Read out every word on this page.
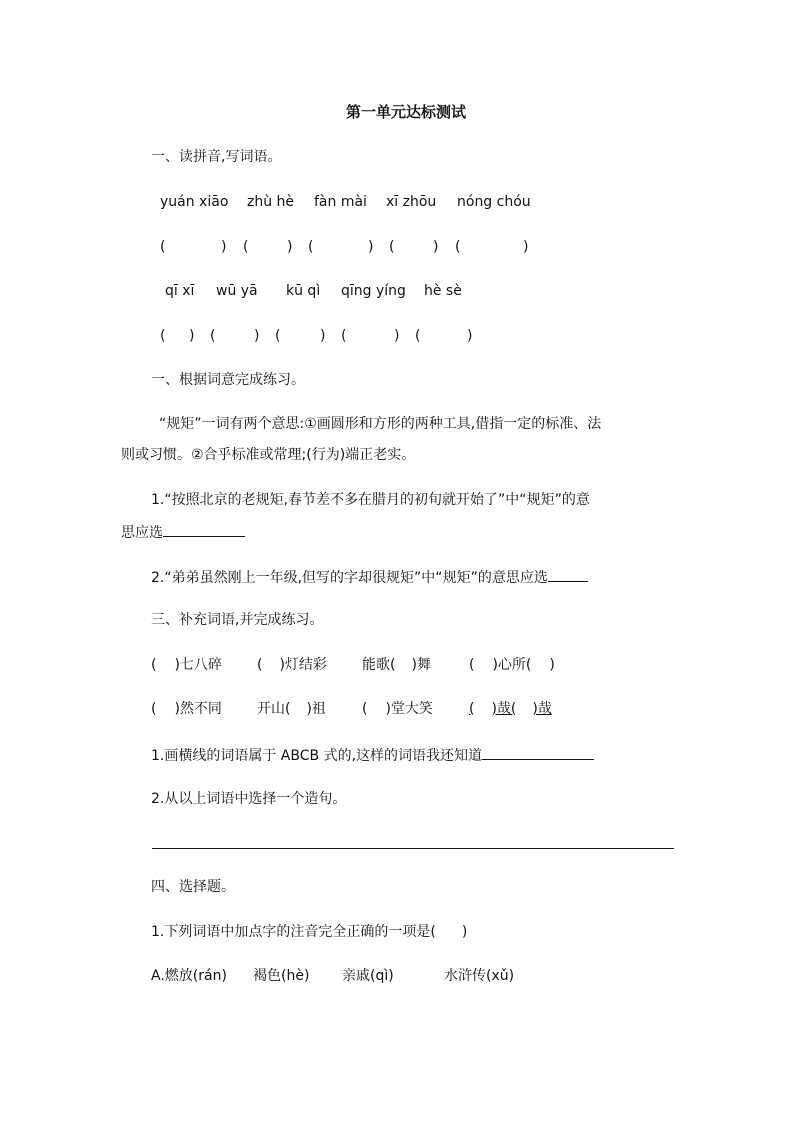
第一单元达标测试
一、读拼音,写词语。
yuán xiāo zhù hè fàn mài xī zhōu nóng chóu
(	) (	) (	) (	) (	)
qī xī wū yā kū qì qīng yíng hè sè
( ) (	) (	) (	) (	)
一、根据词意完成练习。
“规矩”一词有两个意思:①画圆形和方形的两种工具,借指一定的标准、法
则或习惯。②合乎标准或常理;(行为)端正老实。
1.“按照北京的老规矩,春节差不多在腊月的初旬就开始了”中“规矩”的意
思应选
2.“弟弟虽然刚上一年级,但写的字却很规矩”中“规矩”的意思应选
三、补充词语,并完成练习。
( )七八碎	( )灯结彩	能歌( )舞	( )心所( )
( )然不同	开山( )祖	( )堂大笑	( )哉( )哉
1.画横线的词语属于 ABCB 式的,这样的词语我还知道
2.从以上词语中选择一个造句。
四、选择题。
1.下列词语中加点字的注音完全正确的一项是( )
A.燃放(rán) 褐色(hè) 亲戚(qì)	水浒传(xǔ)
